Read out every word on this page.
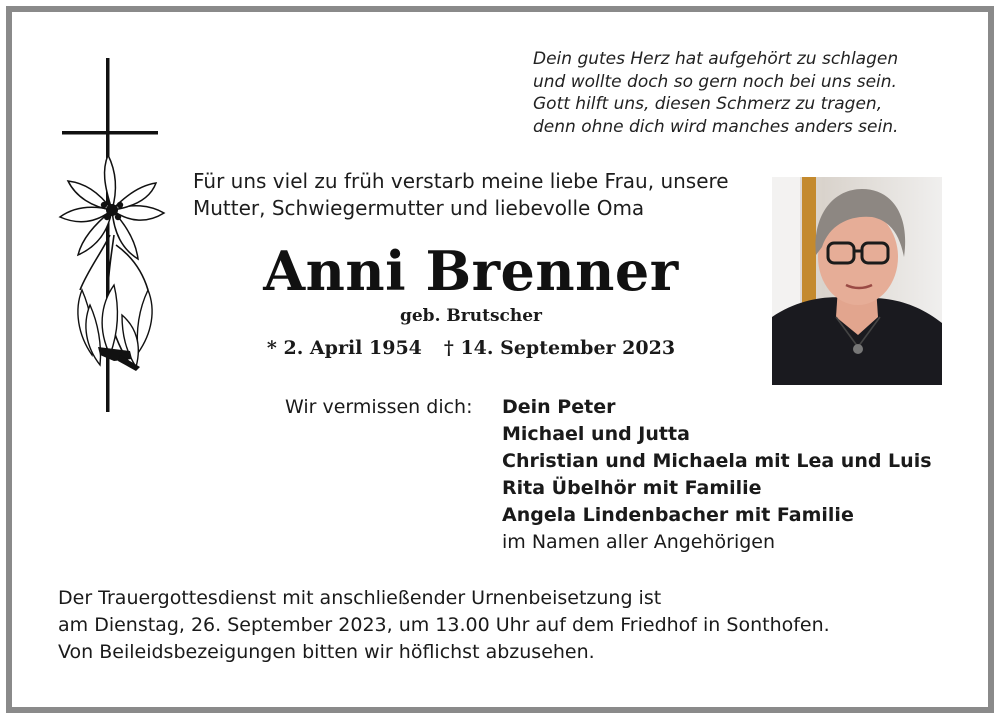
Dein gutes Herz hat aufgehört zu schlagen
und wollte doch so gern noch bei uns sein.
Gott hilft uns, diesen Schmerz zu tragen,
denn ohne dich wird manches anders sein.
Für uns viel zu früh verstarb meine liebe Frau, unsere
Mutter, Schwiegermutter und liebevolle Oma
Anni Brenner
geb. Brutscher
* 2. April 1954 † 14. September 2023
Wir vermissen dich: Dein Peter
Michael und Jutta
Christian und Michaela mit Lea und Luis
Rita Übelhör mit Familie
Angela Lindenbacher mit Familie
im Namen aller Angehörigen
Der Trauergottesdienst mit anschließender Urnenbeisetzung ist
am Dienstag, 26. September 2023, um 13.00 Uhr auf dem Friedhof in Sonthofen.
Von Beileidsbezeigungen bitten wir höflichst abzusehen.
